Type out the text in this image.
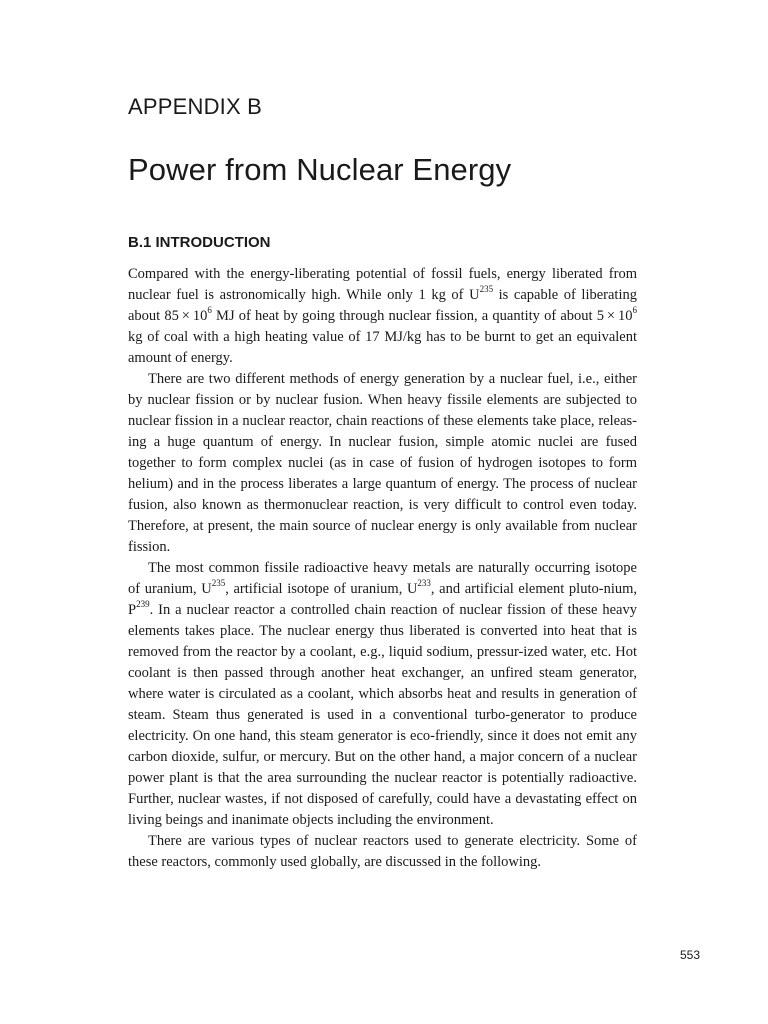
APPENDIX B
Power from Nuclear Energy
B.1 INTRODUCTION

Compared with the energy-liberating potential of fossil fuels, energy liberated from nuclear fuel is astronomically high. While only 1 kg of $U^{235}$ is capable of liberating about $85 \times 10^6$ MJ of heat by going through nuclear fission, a quantity of about $5 \times 10^6$ kg of coal with a high heating value of 17 MJ/kg has to be burnt to get an equivalent amount of energy.

There are two different methods of energy generation by a nuclear fuel, i.e., either by nuclear fission or by nuclear fusion. When heavy fissile elements are subjected to nuclear fission in a nuclear reactor, chain reactions of these elements take place, releas-ing a huge quantum of energy. In nuclear fusion, simple atomic nuclei are fused together to form complex nuclei (as in case of fusion of hydrogen isotopes to form helium) and in the process liberates a large quantum of energy. The process of nuclear fusion, also known as thermonuclear reaction, is very difficult to control even today. Therefore, at present, the main source of nuclear energy is only available from nuclear fission.

The most common fissile radioactive heavy metals are naturally occurring isotope of uranium, $U^{235}$, artificial isotope of uranium, $U^{233}$, and artificial element pluto-nium, $P^{239}$. In a nuclear reactor a controlled chain reaction of nuclear fission of these heavy elements takes place. The nuclear energy thus liberated is converted into heat that is removed from the reactor by a coolant, e.g., liquid sodium, pressur-ized water, etc. Hot coolant is then passed through another heat exchanger, an unfired steam generator, where water is circulated as a coolant, which absorbs heat and results in generation of steam. Steam thus generated is used in a conventional turbo-generator to produce electricity. On one hand, this steam generator is eco-friendly, since it does not emit any carbon dioxide, sulfur, or mercury. But on the other hand, a major concern of a nuclear power plant is that the area surrounding the nuclear reactor is potentially radioactive. Further, nuclear wastes, if not disposed of carefully, could have a devastating effect on living beings and inanimate objects including the environment.

There are various types of nuclear reactors used to generate electricity. Some of these reactors, commonly used globally, are discussed in the following.

553
